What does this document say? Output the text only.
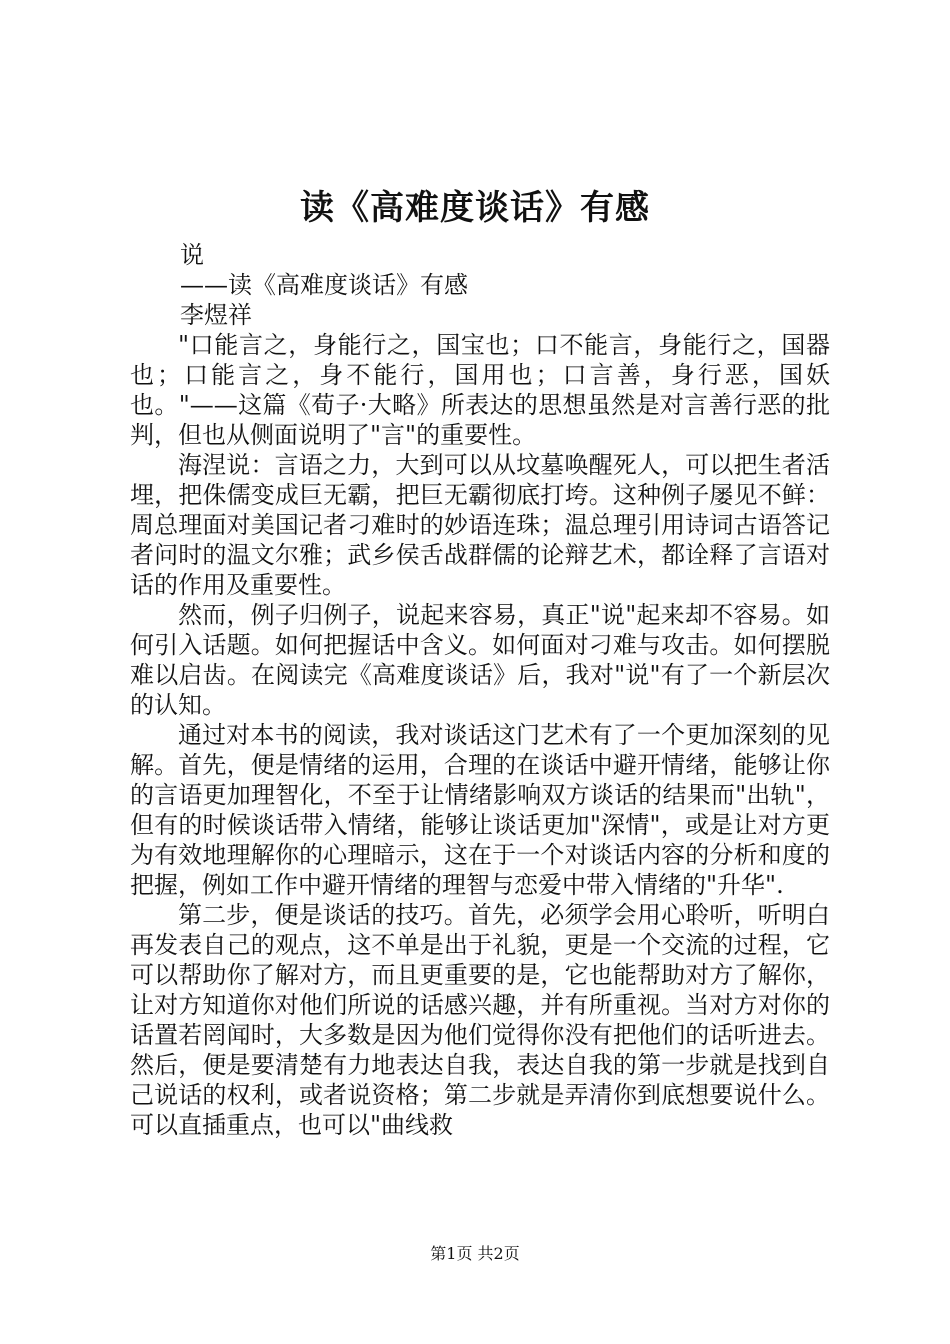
读《高难度谈话》有感

说

——读《高难度谈话》有感

李煜祥

"口能言之，身能行之，国宝也；口不能言，身能行之，国器也；口能言之，身不能行，国用也；口言善，身行恶，国妖也。"——这篇《荀子·大略》所表达的思想虽然是对言善行恶的批判，但也从侧面说明了"言"的重要性。

海涅说：言语之力，大到可以从坟墓唤醒死人，可以把生者活埋，把侏儒变成巨无霸，把巨无霸彻底打垮。这种例子屡见不鲜：周总理面对美国记者刁难时的妙语连珠；温总理引用诗词古语答记者问时的温文尔雅；武乡侯舌战群儒的论辩艺术，都诠释了言语对话的作用及重要性。

然而，例子归例子，说起来容易，真正"说"起来却不容易。如何引入话题。如何把握话中含义。如何面对刁难与攻击。如何摆脱难以启齿。在阅读完《高难度谈话》后，我对"说"有了一个新层次的认知。

通过对本书的阅读，我对谈话这门艺术有了一个更加深刻的见解。首先，便是情绪的运用，合理的在谈话中避开情绪，能够让你的言语更加理智化，不至于让情绪影响双方谈话的结果而"出轨"，但有的时候谈话带入情绪，能够让谈话更加"深情"，或是让对方更为有效地理解你的心理暗示，这在于一个对谈话内容的分析和度的把握，例如工作中避开情绪的理智与恋爱中带入情绪的"升华".

第二步，便是谈话的技巧。首先，必须学会用心聆听，听明白再发表自己的观点，这不单是出于礼貌，更是一个交流的过程，它可以帮助你了解对方，而且更重要的是，它也能帮助对方了解你，让对方知道你对他们所说的话感兴趣，并有所重视。当对方对你的话置若罔闻时，大多数是因为他们觉得你没有把他们的话听进去。然后，便是要清楚有力地表达自我，表达自我的第一步就是找到自己说话的权利，或者说资格；第二步就是弄清你到底想要说什么。可以直插重点，也可以"曲线救

第1页 共2页
